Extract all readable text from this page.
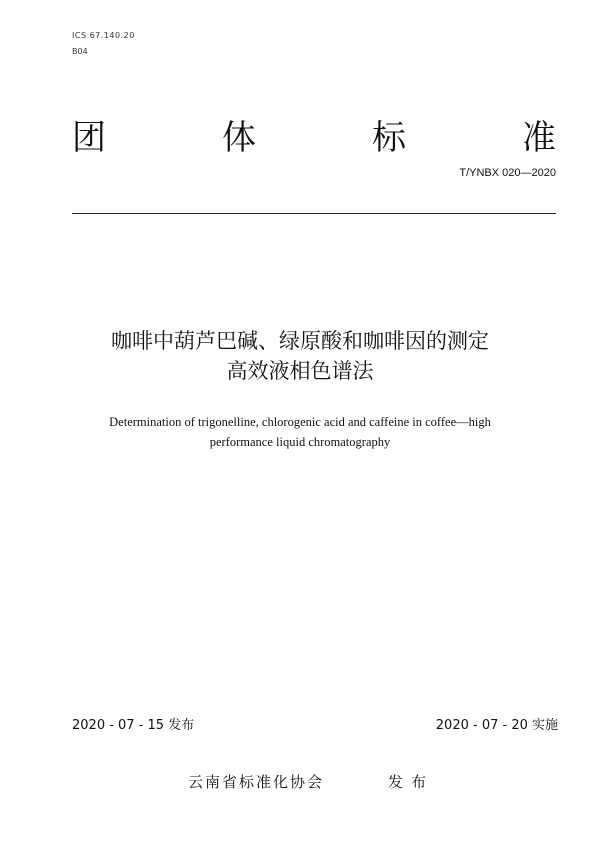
ICS 67.140.20
B04
团	体	标	准
T/YNBX 020—2020
咖啡中葫芦巴碱、绿原酸和咖啡因的测定
高效液相色谱法
Determination of trigonelline, chlorogenic acid and caffeine in coffee—high
performance liquid chromatography
2020 - 07 - 15 发布	2020 - 07 - 20 实施
云南省标准化协会	发布
